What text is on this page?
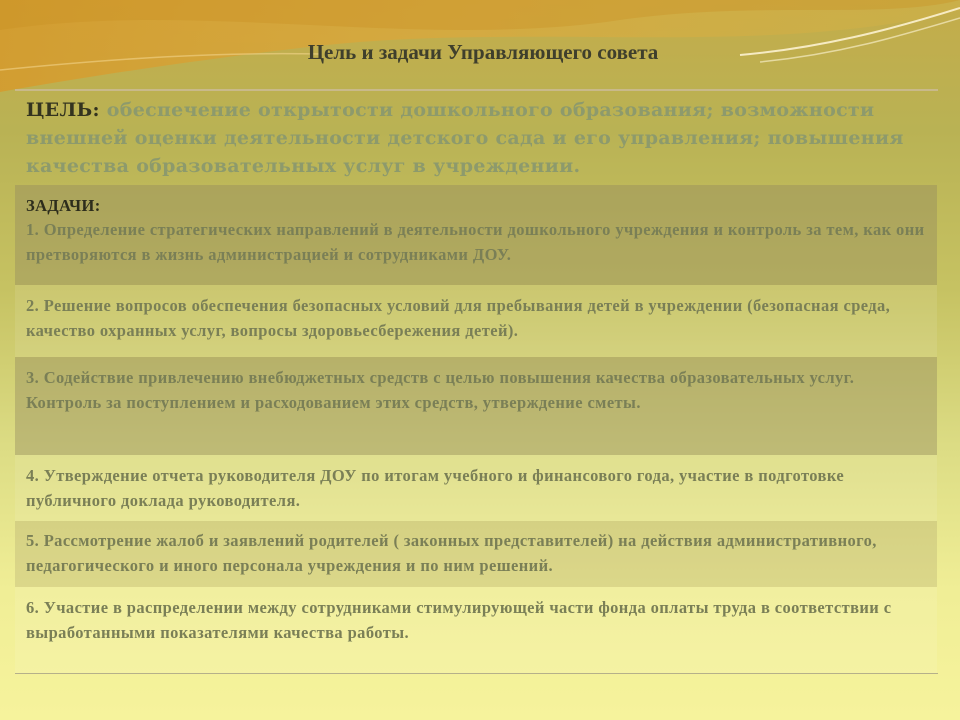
Цель и задачи Управляющего совета
ЦЕЛЬ: обеспечение открытости дошкольного образования; возможности внешней оценки деятельности детского сада и его управления; повышения качества образовательных услуг в учреждении.
ЗАДАЧИ:
1. Определение стратегических направлений в деятельности дошкольного учреждения и контроль за тем, как они претворяются в жизнь администрацией и сотрудниками ДОУ.
2. Решение вопросов обеспечения безопасных условий для пребывания детей в учреждении (безопасная среда, качество охранных услуг, вопросы здоровьесбережения детей).
3. Содействие привлечению внебюджетных средств с целью повышения качества образовательных услуг. Контроль за поступлением и расходованием этих средств, утверждение сметы.
4. Утверждение отчета руководителя ДОУ по итогам учебного и финансового года, участие в подготовке публичного доклада руководителя.
5. Рассмотрение жалоб и заявлений родителей ( законных представителей) на действия административного, педагогического и иного персонала учреждения и по ним решений.
6. Участие в распределении между сотрудниками стимулирующей части фонда оплаты труда в соответствии с выработанными показателями качества работы.
